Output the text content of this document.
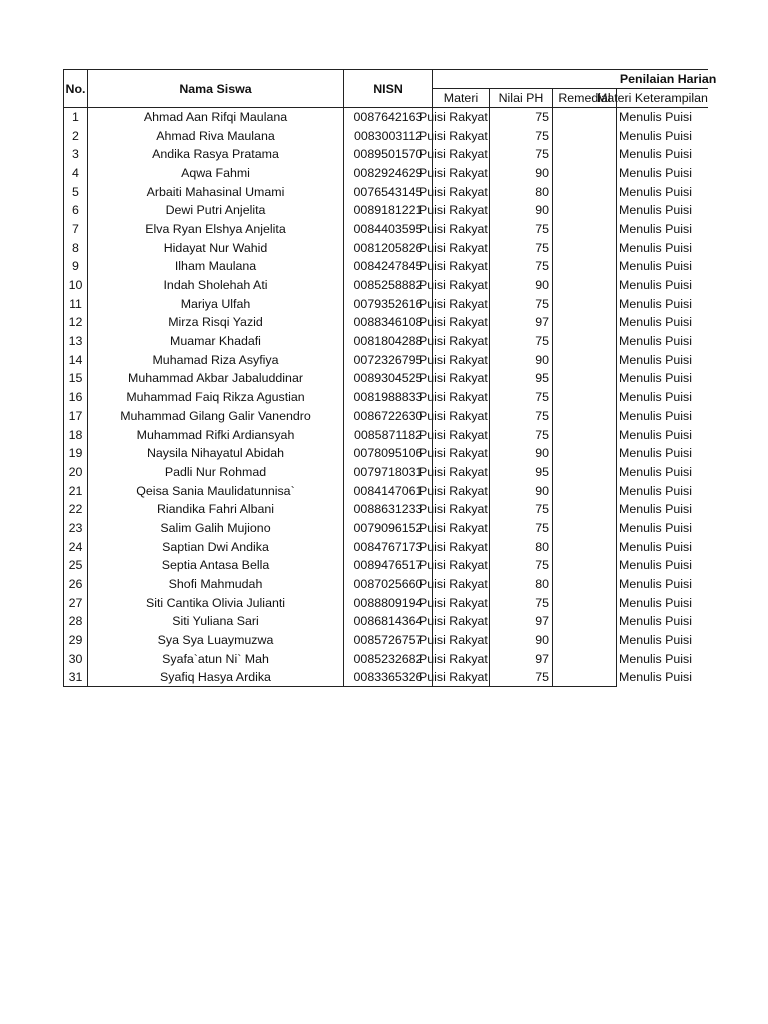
No.	Nama Siswa	NISN	Penilaian Harian			
			Materi	Nilai PH	Remedial	Materi Keterampilan
1	Ahmad Aan Rifqi Maulana	0087642163	Puisi Rakyat	75		Menulis Puisi
2	Ahmad Riva Maulana	0083003112	Puisi Rakyat	75		Menulis Puisi
3	Andika Rasya Pratama	0089501570	Puisi Rakyat	75		Menulis Puisi
4	Aqwa Fahmi	0082924629	Puisi Rakyat	90		Menulis Puisi
5	Arbaiti Mahasinal Umami	0076543145	Puisi Rakyat	80		Menulis Puisi
6	Dewi Putri Anjelita	0089181221	Puisi Rakyat	90		Menulis Puisi
7	Elva Ryan Elshya Anjelita	0084403595	Puisi Rakyat	75		Menulis Puisi
8	Hidayat Nur Wahid	0081205826	Puisi Rakyat	75		Menulis Puisi
9	Ilham Maulana	0084247845	Puisi Rakyat	75		Menulis Puisi
10	Indah Sholehah Ati	0085258882	Puisi Rakyat	90		Menulis Puisi
11	Mariya Ulfah	0079352616	Puisi Rakyat	75		Menulis Puisi
12	Mirza Risqi Yazid	0088346108	Puisi Rakyat	97		Menulis Puisi
13	Muamar Khadafi	0081804288	Puisi Rakyat	75		Menulis Puisi
14	Muhamad Riza Asyfiya	0072326795	Puisi Rakyat	90		Menulis Puisi
15	Muhammad Akbar Jabaluddinar	0089304525	Puisi Rakyat	95		Menulis Puisi
16	Muhammad Faiq Rikza Agustian	0081988833	Puisi Rakyat	75		Menulis Puisi
17	Muhammad Gilang Galir Vanendro	0086722630	Puisi Rakyat	75		Menulis Puisi
18	Muhammad Rifki Ardiansyah	0085871182	Puisi Rakyat	75		Menulis Puisi
19	Naysila Nihayatul Abidah	0078095106	Puisi Rakyat	90		Menulis Puisi
20	Padli Nur Rohmad	0079718031	Puisi Rakyat	95		Menulis Puisi
21	Qeisa Sania Maulidatunnisa`	0084147061	Puisi Rakyat	90		Menulis Puisi
22	Riandika Fahri Albani	0088631233	Puisi Rakyat	75		Menulis Puisi
23	Salim Galih Mujiono	0079096152	Puisi Rakyat	75		Menulis Puisi
24	Saptian Dwi Andika	0084767173	Puisi Rakyat	80		Menulis Puisi
25	Septia Antasa Bella	0089476517	Puisi Rakyat	75		Menulis Puisi
26	Shofi Mahmudah	0087025660	Puisi Rakyat	80		Menulis Puisi
27	Siti Cantika Olivia Julianti	0088809194	Puisi Rakyat	75		Menulis Puisi
28	Siti Yuliana Sari	0086814364	Puisi Rakyat	97		Menulis Puisi
29	Sya Sya Luaymuzwa	0085726757	Puisi Rakyat	90		Menulis Puisi
30	Syafa`atun Ni` Mah	0085232682	Puisi Rakyat	97		Menulis Puisi
31	Syafiq Hasya Ardika	0083365326	Puisi Rakyat	75		Menulis Puisi
